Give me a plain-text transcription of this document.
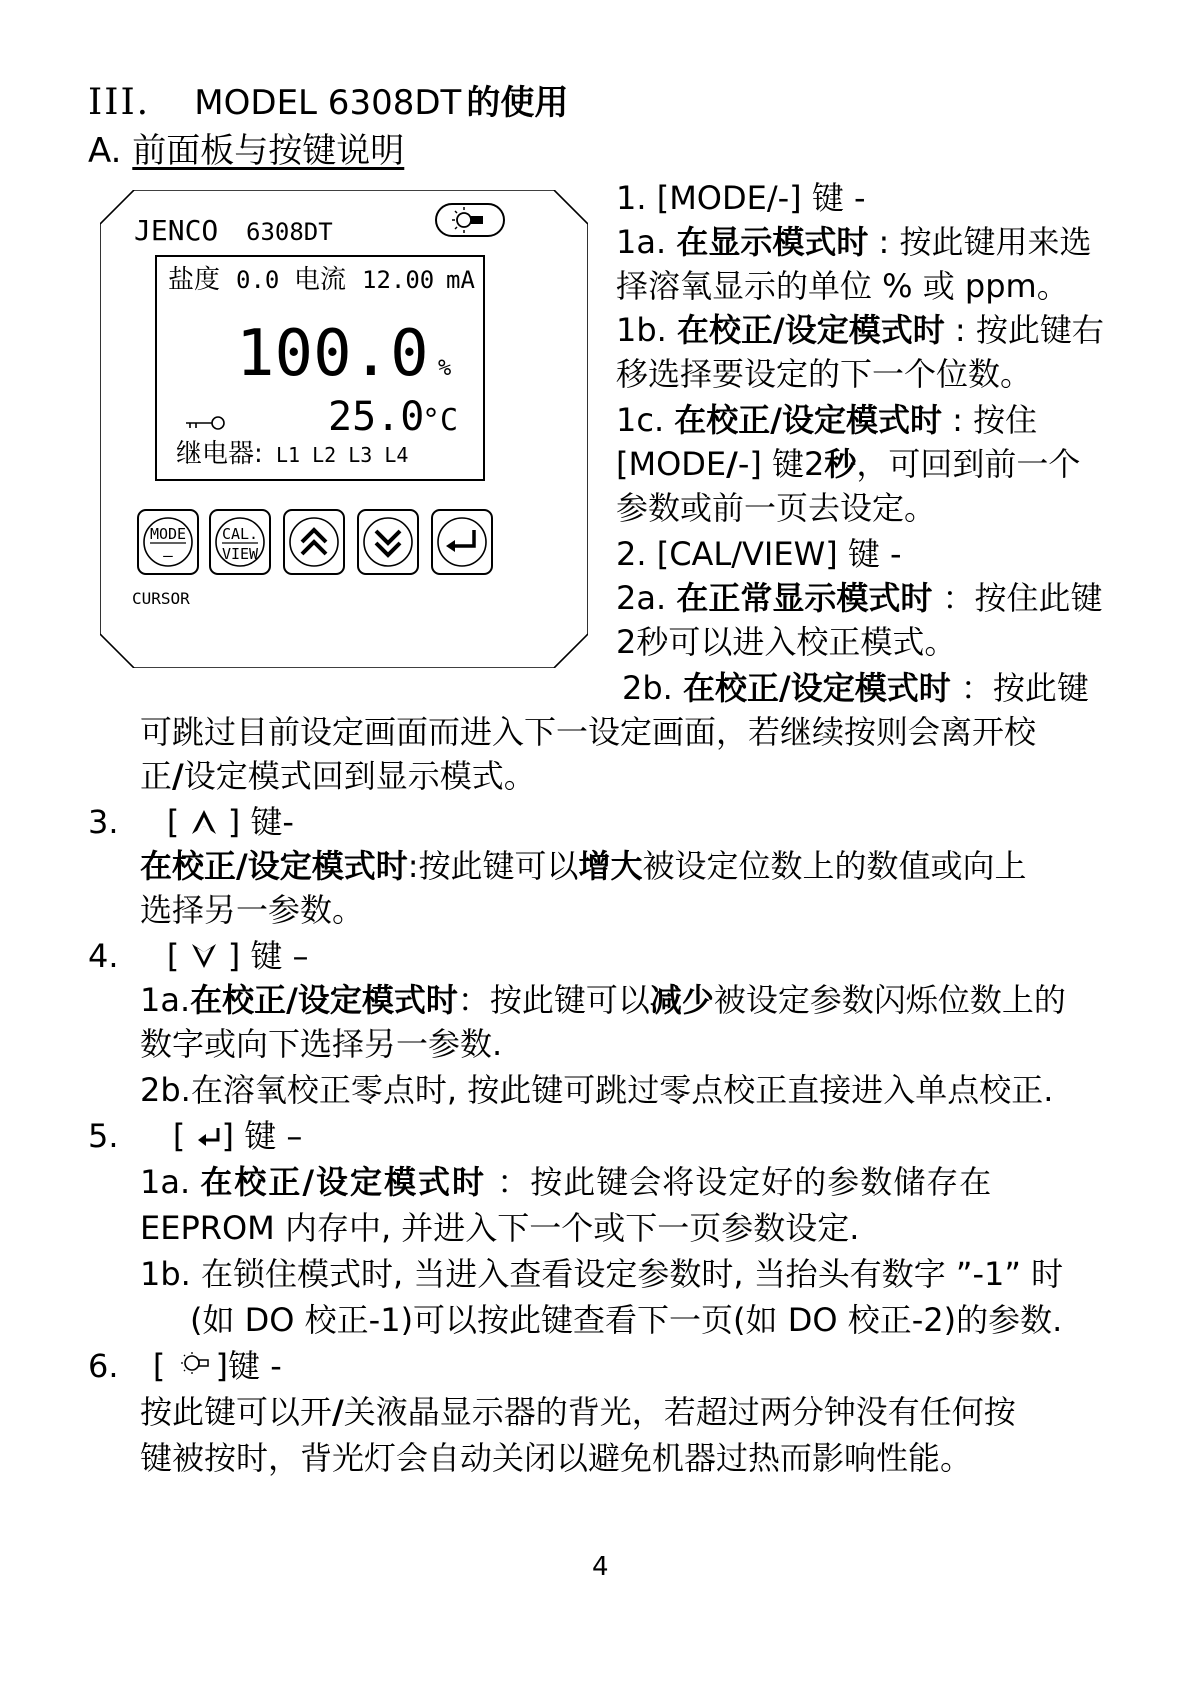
III. MODEL 6308DT 的使用
A. 前面板与按键说明
JENCO 6308DT
盐度 0.0 电流 12.00 mA
100.0 %
25.0
°C
继电器: L1 L2 L3 L4
MODE
—
CAL.
VIEW
CURSOR
1. [MODE/-] 键 -
1a. 在显示模式时 : 按此键用来选
择溶氧显示的单位 % 或 ppm。
1b. 在校正/设定模式时 : 按此键右
移选择要设定的下一个位数。
1c. 在校正/设定模式时 : 按住
[MODE/-] 键2秒，可回到前一个
参数或前一页去设定。
2. [CAL/VIEW] 键 -
2a. 在正常显示模式时 ：按住此键
2秒可以进入校正模式。
2b. 在校正/设定模式时 ：按此键
可跳过目前设定画面而进入下一设定画面，若继续按则会离开校
正/设定模式回到显示模式。
3. [  ] 键-
在校正/设定模式时:按此键可以增大被设定位数上的数值或向上
选择另一参数。
4. [  ] 键 –
1a.在校正/设定模式时：按此键可以减少被设定参数闪烁位数上的
数字或向下选择另一参数.
2b.在溶氧校正零点时, 按此键可跳过零点校正直接进入单点校正.
5. [ ] 键 –
1a. 在校正/设定模式时 ：按此键会将设定好的参数储存在
EEPROM 内存中, 并进入下一个或下一页参数设定.
1b. 在锁住模式时, 当进入查看设定参数时, 当抬头有数字 ”-1” 时
(如 DO 校正-1)可以按此键查看下一页(如 DO 校正-2)的参数.
6. [ ]键 -
按此键可以开/关液晶显示器的背光，若超过两分钟没有任何按
键被按时，背光灯会自动关闭以避免机器过热而影响性能。
4
